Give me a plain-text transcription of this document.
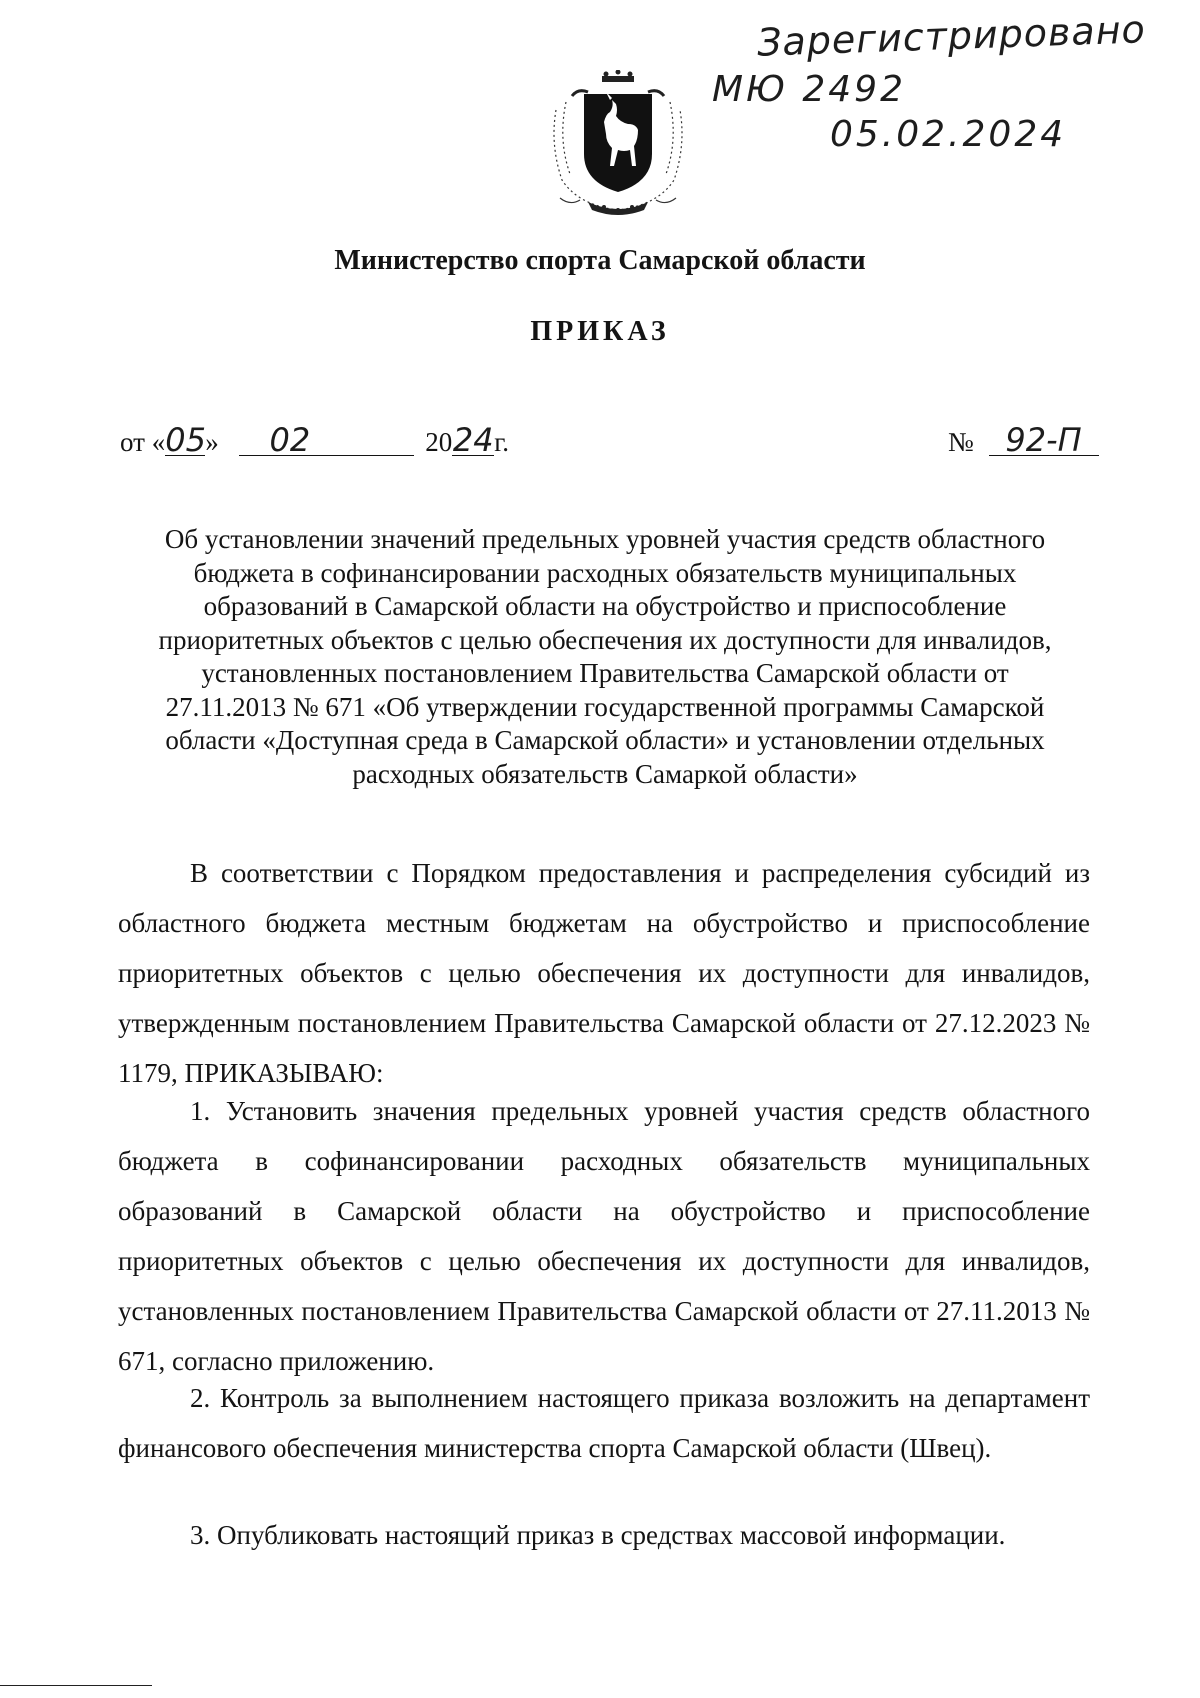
Зарегистрировано
МЮ 2492
05.02.2024
Министерство спорта Самарской области
ПРИКАЗ
от «05» 02	2024г.	№ 92-П
Об установлении значений предельных уровней участия средств областного
бюджета в софинансировании расходных обязательств муниципальных
образований в Самарской области на обустройство и приспособление
приоритетных объектов с целью обеспечения их доступности для инвалидов,
установленных постановлением Правительства Самарской области от
27.11.2013 № 671 «Об утверждении государственной программы Самарской
области «Доступная среда в Самарской области» и установлении отдельных
расходных обязательств Самаркой области»

В соответствии с Порядком предоставления и распределения субсидий из областного бюджета местным бюджетам на обустройство и приспособление приоритетных объектов с целью обеспечения их доступности для инвалидов, утвержденным постановлением Правительства Самарской области от 27.12.2023 № 1179, ПРИКАЗЫВАЮ:

1. Установить значения предельных уровней участия средств областного бюджета в софинансировании расходных обязательств муниципальных образований в Самарской области на обустройство и приспособление приоритетных объектов с целью обеспечения их доступности для инвалидов, установленных постановлением Правительства Самарской области от 27.11.2013 № 671, согласно приложению.

2. Контроль за выполнением настоящего приказа возложить на департамент финансового обеспечения министерства спорта Самарской области (Швец).

3. Опубликовать настоящий приказ в средствах массовой информации.
